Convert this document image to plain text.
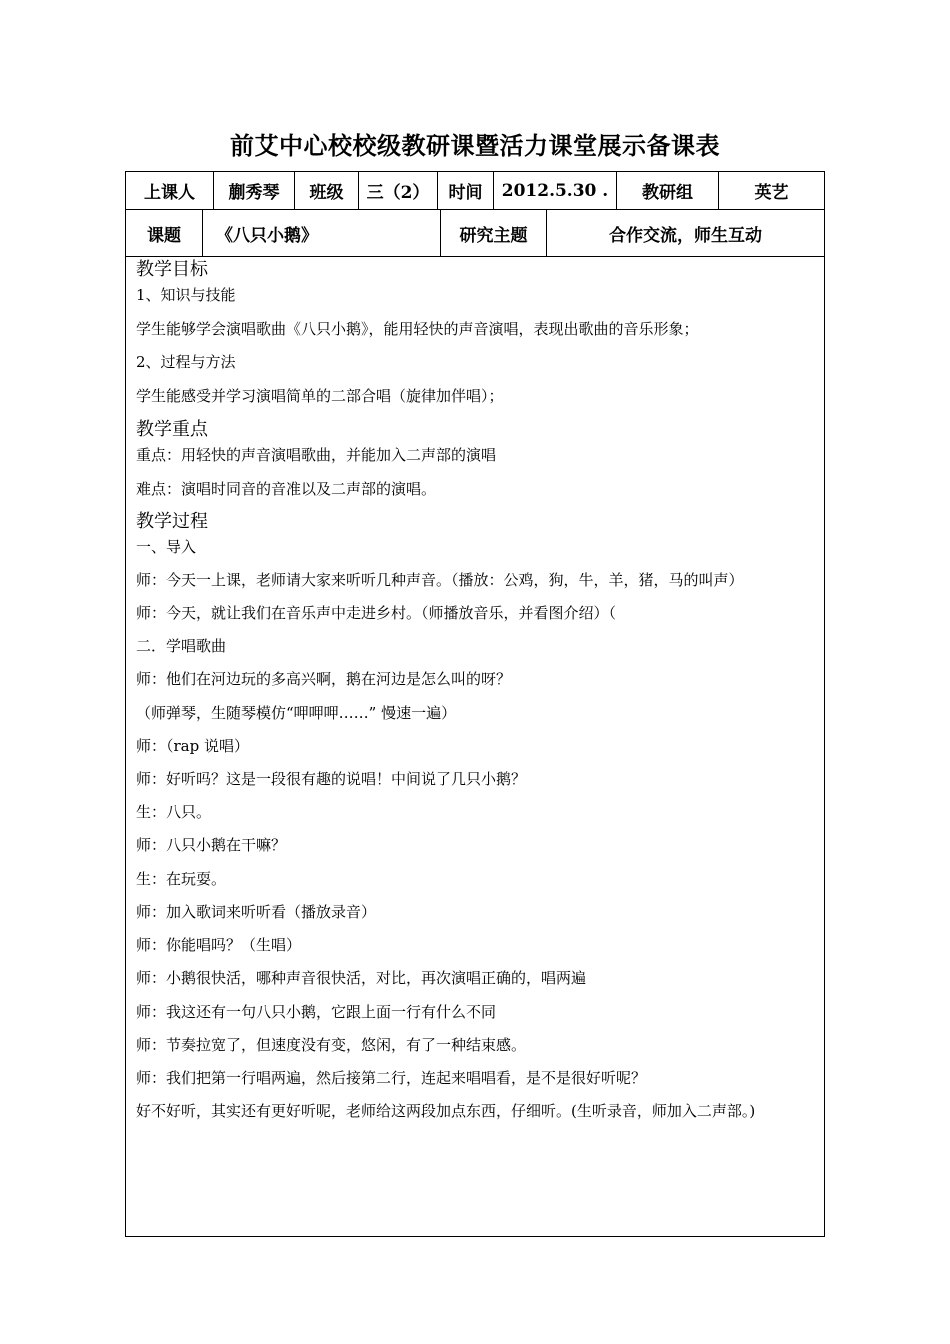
前艾中心校校级教研课暨活力课堂展示备课表
上课人	蒯秀琴	班级	三（2）	时间	2012.5.30 .	教研组	英艺
课题	《八只小鹅》	研究主题	合作交流，师生互动
教学目标
1、知识与技能
学生能够学会演唱歌曲《八只小鹅》，能用轻快的声音演唱，表现出歌曲的音乐形象；
2、过程与方法
学生能感受并学习演唱简单的二部合唱（旋律加伴唱）；
教学重点
重点：用轻快的声音演唱歌曲，并能加入二声部的演唱
难点：演唱时同音的音准以及二声部的演唱。
教学过程
一、导入
师：今天一上课，老师请大家来听听几种声音。（播放：公鸡，狗，牛，羊，猪，马的叫声）
师：今天，就让我们在音乐声中走进乡村。（师播放音乐，并看图介绍）（
二．学唱歌曲
师：他们在河边玩的多高兴啊，鹅在河边是怎么叫的呀？
（师弹琴，生随琴模仿“呷呷呷……” 慢速一遍）
师：（rap 说唱）
师：好听吗？这是一段很有趣的说唱！中间说了几只小鹅？
生：八只。
师：八只小鹅在干嘛？
生：在玩耍。
师：加入歌词来听听看（播放录音）
师：你能唱吗？（生唱）
师：小鹅很快活，哪种声音很快活，对比，再次演唱正确的，唱两遍
师：我这还有一句八只小鹅，它跟上面一行有什么不同
师：节奏拉宽了，但速度没有变，悠闲，有了一种结束感。
师：我们把第一行唱两遍，然后接第二行，连起来唱唱看，是不是很好听呢？
好不好听，其实还有更好听呢，老师给这两段加点东西，仔细听。(生听录音，师加入二声部。)
